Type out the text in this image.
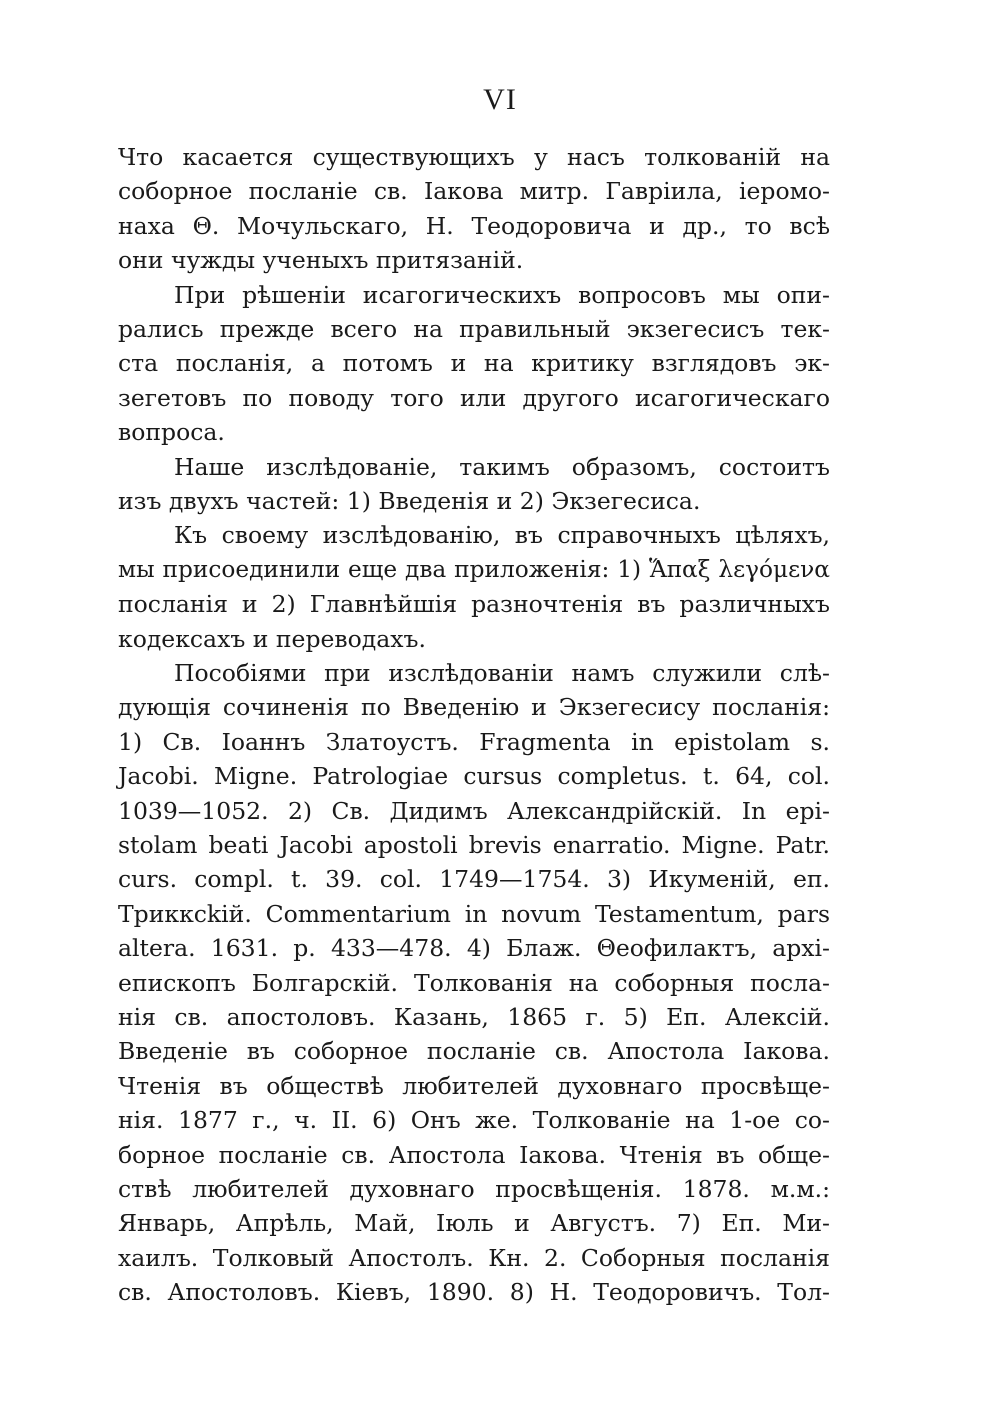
VI
Что касается существующихъ у насъ толкованій на
соборное посланіе св. Іакова митр. Гавріила, іеромо-
наха Θ. Мочульскаго, Н. Теодоровича и др., то всѣ
они чужды ученыхъ притязаній.
При рѣшеніи исагогическихъ вопросовъ мы опи-
рались прежде всего на правильный экзегесисъ тек-
ста посланія, а потомъ и на критику взглядовъ эк-
зегетовъ по поводу того или другого исагогическаго
вопроса.
Наше изслѣдованіе, такимъ образомъ, состоитъ
изъ двухъ частей: 1) Введенія и 2) Экзегесиса.
Къ своему изслѣдованію, въ справочныхъ цѣляхъ,
мы присоединили еще два приложенія: 1) Ἅπαξ λεγόμενα
посланія и 2) Главнѣйшія разночтенія въ различныхъ
кодексахъ и переводахъ.
Пособіями при изслѣдованіи намъ служили слѣ-
дующія сочиненія по Введенію и Экзегесису посланія:
1) Св. Іоаннъ Златоустъ. Fragmenta in epistolam s.
Jacobi. Migne. Patrologiae cursus completus. t. 64, col.
1039—1052. 2) Св. Дидимъ Александрійскій. In epi-
stolam beati Jacobi apostoli brevis enarratio. Migne. Patr.
curs. compl. t. 39. col. 1749—1754. 3) Икуменій, еп.
Трикксkій. Commentarium in novum Testamentum, pars
altera. 1631. p. 433—478. 4) Блаж. Θеофилактъ, архі-
епископъ Болгарскій. Толкованія на соборныя посла-
нія св. апостоловъ. Казань, 1865 г. 5) Еп. Алексій.
Введеніе въ соборное посланіе св. Апостола Іакова.
Чтенія въ обществѣ любителей духовнаго просвѣще-
нія. 1877 г., ч. II. 6) Онъ же. Толкованіе на 1-ое со-
борное посланіе св. Апостола Іакова. Чтенія въ обще-
ствѣ любителей духовнаго просвѣщенія. 1878. м.м.:
Январь, Апрѣль, Май, Іюль и Августъ. 7) Еп. Ми-
хаилъ. Толковый Апостолъ. Кн. 2. Соборныя посланія
св. Апостоловъ. Кіевъ, 1890. 8) Н. Теодоровичъ. Тол-
